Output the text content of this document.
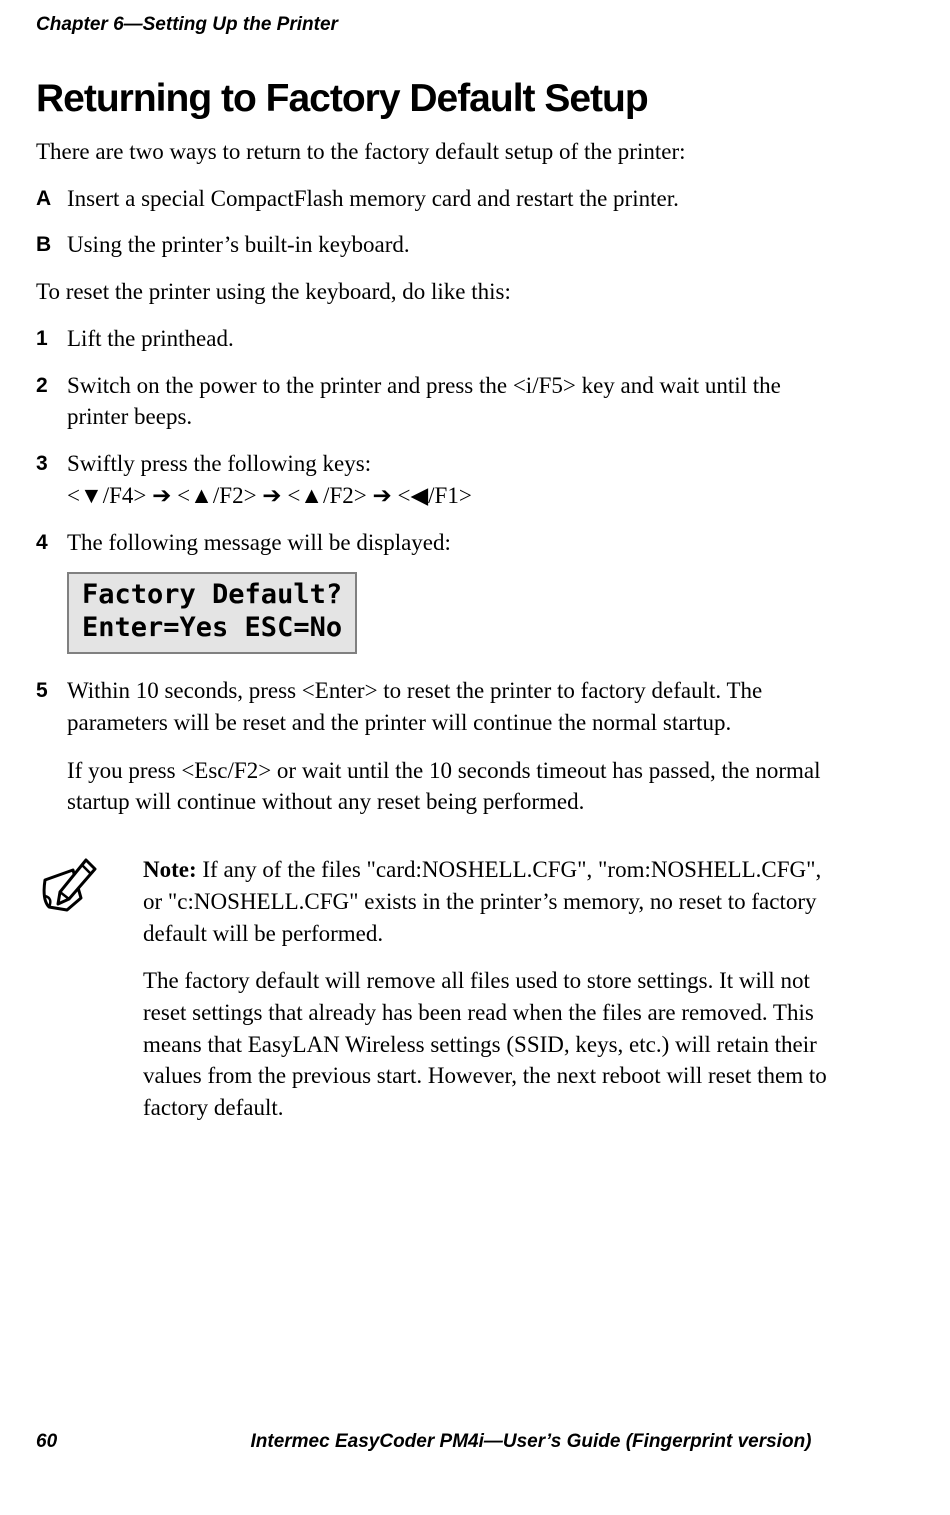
Chapter 6—Setting Up the Printer
Returning to Factory Default Setup

There are two ways to return to the factory default setup of the printer:

A Insert a special CompactFlash memory card and restart the printer.
B Using the printer’s built-in keyboard.

To reset the printer using the keyboard, do like this:

1 Lift the printhead.
2 Switch on the power to the printer and press the <i/F5> key and wait until the printer beeps.
3 Swiftly press the following keys:
<▼/F4> ➔ <▲/F2> ➔ <▲/F2> ➔ <◀/F1>
4 The following message will be displayed:
Factory Default?
Enter=Yes ESC=No
5 Within 10 seconds, press <Enter> to reset the printer to factory default. The parameters will be reset and the printer will continue the normal startup.
If you press <Esc/F2> or wait until the 10 seconds timeout has passed, the normal startup will continue without any reset being performed.

Note: If any of the files "card:NOSHELL.CFG", "rom:NOSHELL.CFG", or "c:NOSHELL.CFG" exists in the printer’s memory, no reset to factory default will be performed.

The factory default will remove all files used to store settings. It will not reset settings that already has been read when the files are removed. This means that EasyLAN Wireless settings (SSID, keys, etc.) will retain their values from the previous start. However, the next reboot will reset them to factory default.

60	Intermec EasyCoder PM4i—User’s Guide (Fingerprint version)
